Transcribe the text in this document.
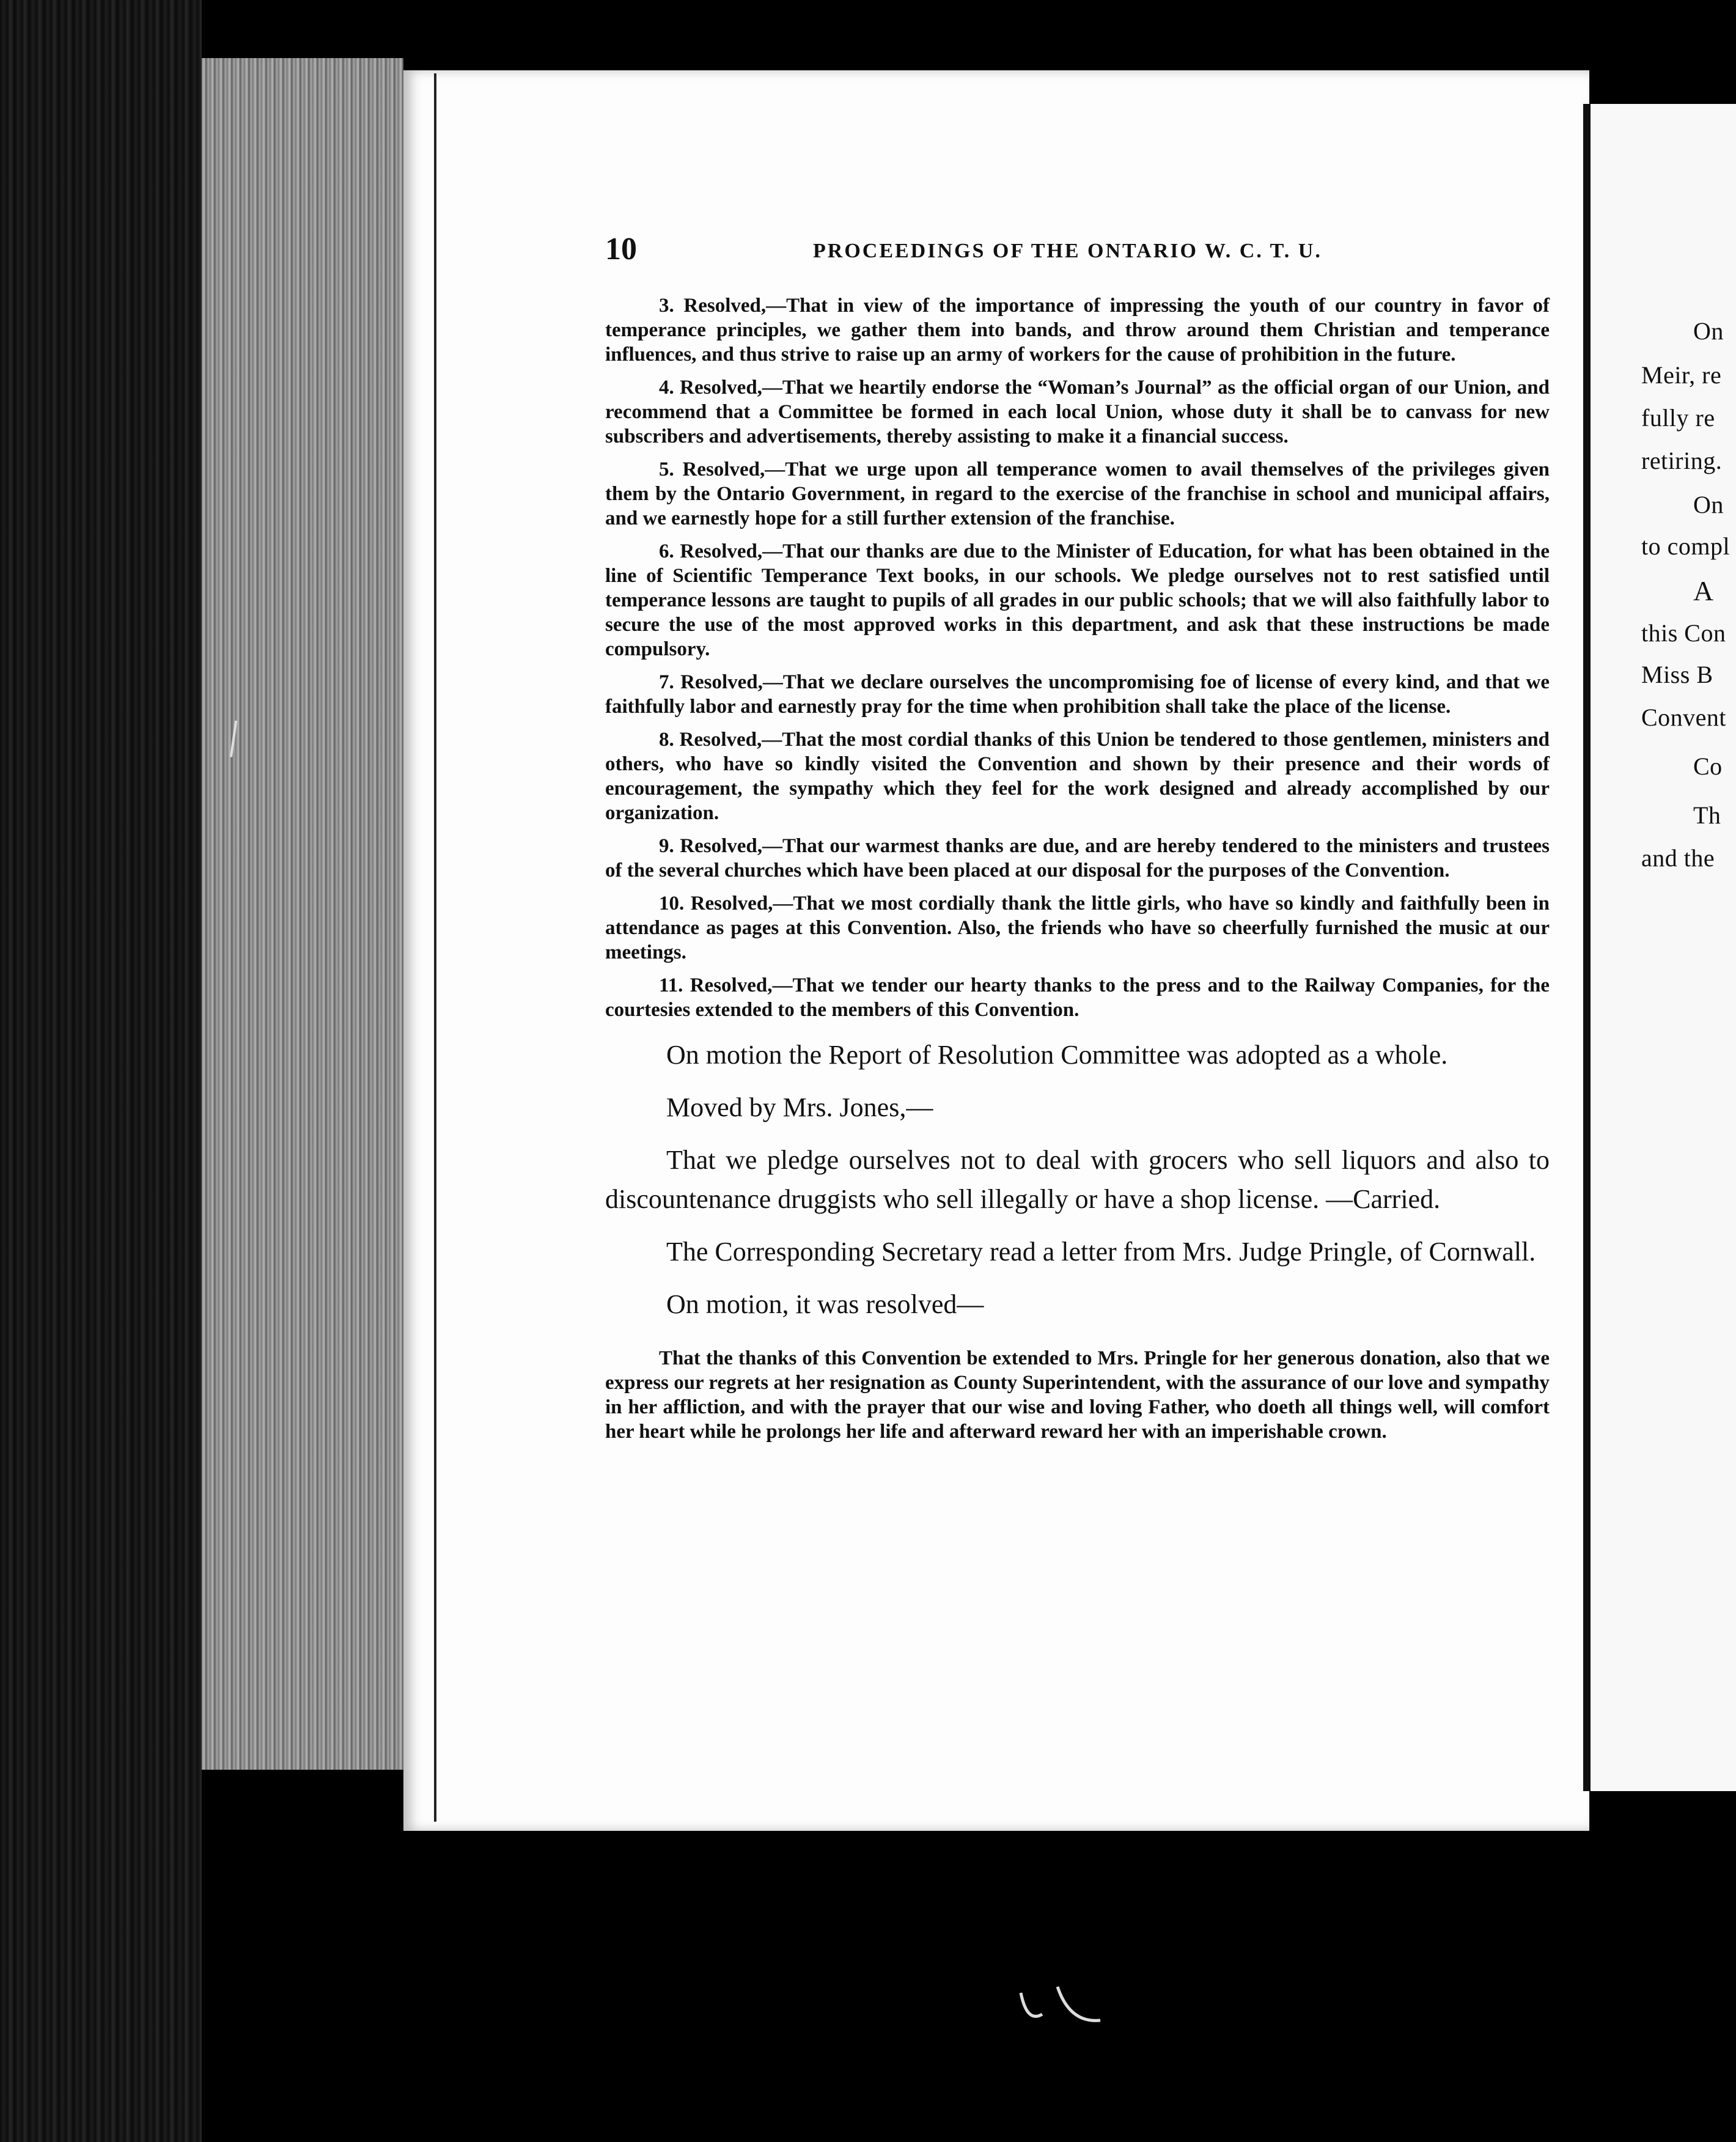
10	PROCEEDINGS OF THE ONTARIO W. C. T. U.

3. Resolved,—That in view of the importance of impressing the youth of our country in favor of temperance principles, we gather them into bands, and throw around them Christian and temperance influences, and thus strive to raise up an army of workers for the cause of prohibition in the future.

4. Resolved,—That we heartily endorse the “Woman’s Journal” as the official organ of our Union, and recommend that a Committee be formed in each local Union, whose duty it shall be to canvass for new subscribers and advertisements, thereby assisting to make it a financial success.

5. Resolved,—That we urge upon all temperance women to avail themselves of the privileges given them by the Ontario Government, in regard to the exercise of the franchise in school and municipal affairs, and we earnestly hope for a still further extension of the franchise.

6. Resolved,—That our thanks are due to the Minister of Education, for what has been obtained in the line of Scientific Temperance Text books, in our schools. We pledge ourselves not to rest satisfied until temperance lessons are taught to pupils of all grades in our public schools; that we will also faithfully labor to secure the use of the most approved works in this department, and ask that these instructions be made compulsory.

7. Resolved,—That we declare ourselves the uncompromising foe of license of every kind, and that we faithfully labor and earnestly pray for the time when prohibition shall take the place of the license.

8. Resolved,—That the most cordial thanks of this Union be tendered to those gentlemen, ministers and others, who have so kindly visited the Convention and shown by their presence and their words of encouragement, the sympathy which they feel for the work designed and already accomplished by our organization.

9. Resolved,—That our warmest thanks are due, and are hereby tendered to the ministers and trustees of the several churches which have been placed at our disposal for the purposes of the Convention.

10. Resolved,—That we most cordially thank the little girls, who have so kindly and faithfully been in attendance as pages at this Convention. Also, the friends who have so cheerfully furnished the music at our meetings.

11. Resolved,—That we tender our hearty thanks to the press and to the Railway Companies, for the courtesies extended to the members of this Convention.

On motion the Report of Resolution Committee was adopted as a whole.

Moved by Mrs. Jones,—

That we pledge ourselves not to deal with grocers who sell liquors and also to discountenance druggists who sell illegally or have a shop license. —Carried.

The Corresponding Secretary read a letter from Mrs. Judge Pringle, of Cornwall.

On motion, it was resolved—

That the thanks of this Convention be extended to Mrs. Pringle for her generous donation, also that we express our regrets at her resignation as County Superintendent, with the assurance of our love and sympathy in her affliction, and with the prayer that our wise and loving Father, who doeth all things well, will comfort her heart while he prolongs her life and afterward reward her with an imperishable crown.

On
Meir, re
fully re
retiring.
On
to compl
A
this Con
Miss B
Convent
Co
Th
and the
